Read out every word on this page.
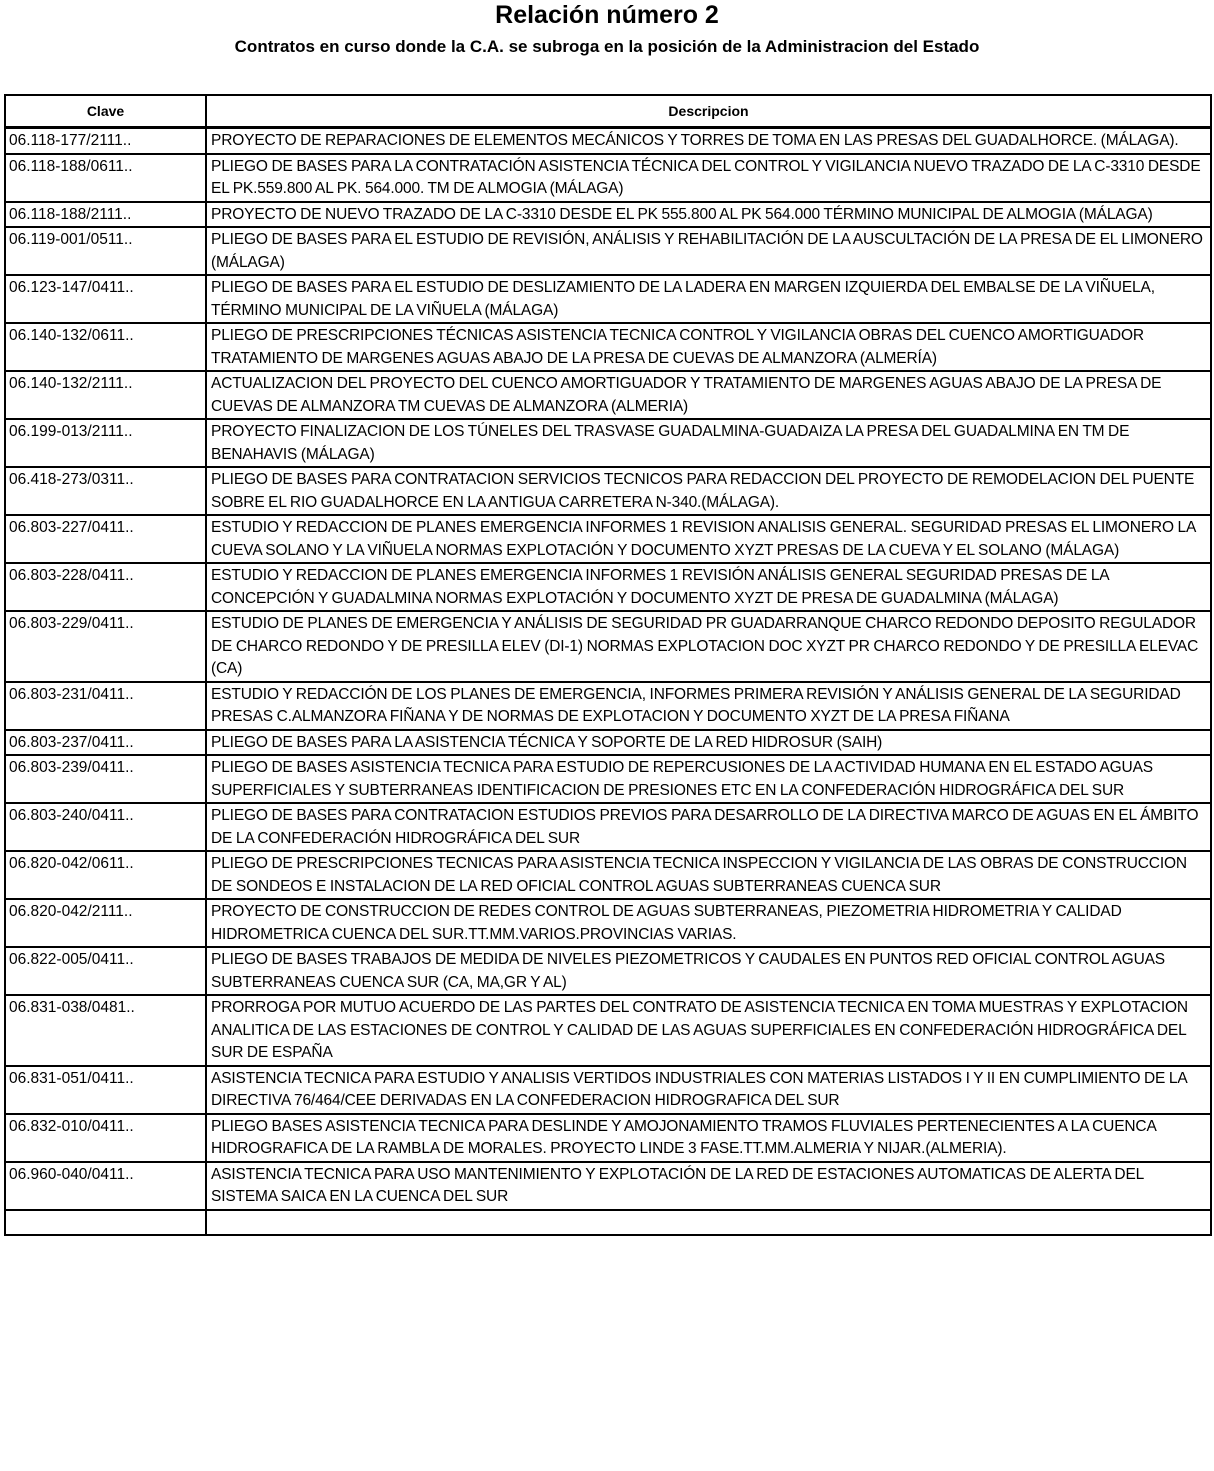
Relación número 2
Contratos en curso donde la C.A. se subroga en la posición de la Administracion del Estado
Clave	Descripcion
06.118-177/2111..	PROYECTO DE REPARACIONES DE ELEMENTOS MECÁNICOS Y TORRES DE TOMA EN LAS PRESAS DEL GUADALHORCE. (MÁLAGA).
06.118-188/0611..	PLIEGO DE BASES PARA LA CONTRATACIÓN ASISTENCIA TÉCNICA DEL CONTROL Y VIGILANCIA NUEVO TRAZADO DE LA C-3310 DESDE EL PK.559.800 AL PK. 564.000. TM DE ALMOGIA (MÁLAGA)
06.118-188/2111..	PROYECTO DE NUEVO TRAZADO DE LA C-3310 DESDE EL PK 555.800 AL PK 564.000 TÉRMINO MUNICIPAL DE ALMOGIA (MÁLAGA)
06.119-001/0511..	PLIEGO DE BASES PARA EL ESTUDIO DE REVISIÓN, ANÁLISIS Y REHABILITACIÓN DE LA AUSCULTACIÓN DE LA PRESA DE EL LIMONERO (MÁLAGA)
06.123-147/0411..	PLIEGO DE BASES PARA EL ESTUDIO DE DESLIZAMIENTO DE LA LADERA EN MARGEN IZQUIERDA DEL EMBALSE DE LA VIÑUELA, TÉRMINO MUNICIPAL DE LA VIÑUELA (MÁLAGA)
06.140-132/0611..	PLIEGO DE PRESCRIPCIONES TÉCNICAS ASISTENCIA TECNICA CONTROL Y VIGILANCIA OBRAS DEL CUENCO AMORTIGUADOR TRATAMIENTO DE MARGENES AGUAS ABAJO DE LA PRESA DE CUEVAS DE ALMANZORA (ALMERÍA)
06.140-132/2111..	ACTUALIZACION DEL PROYECTO DEL CUENCO AMORTIGUADOR Y TRATAMIENTO DE MARGENES AGUAS ABAJO DE LA PRESA DE CUEVAS DE ALMANZORA TM CUEVAS DE ALMANZORA (ALMERIA)
06.199-013/2111..	PROYECTO FINALIZACION DE LOS TÚNELES DEL TRASVASE GUADALMINA-GUADAIZA LA PRESA DEL GUADALMINA EN TM DE BENAHAVIS (MÁLAGA)
06.418-273/0311..	PLIEGO DE BASES PARA CONTRATACION SERVICIOS TECNICOS PARA REDACCION DEL PROYECTO DE REMODELACION DEL PUENTE SOBRE EL RIO GUADALHORCE EN LA ANTIGUA CARRETERA N-340.(MÁLAGA).
06.803-227/0411..	ESTUDIO Y REDACCION DE PLANES EMERGENCIA INFORMES 1 REVISION ANALISIS GENERAL. SEGURIDAD PRESAS EL LIMONERO LA CUEVA SOLANO Y LA VIÑUELA NORMAS EXPLOTACIÓN Y DOCUMENTO XYZT PRESAS DE LA CUEVA Y EL SOLANO (MÁLAGA)
06.803-228/0411..	ESTUDIO Y REDACCION DE PLANES EMERGENCIA INFORMES 1 REVISIÓN ANÁLISIS GENERAL SEGURIDAD PRESAS DE LA CONCEPCIÓN Y GUADALMINA NORMAS EXPLOTACIÓN Y DOCUMENTO XYZT DE PRESA DE GUADALMINA (MÁLAGA)
06.803-229/0411..	ESTUDIO DE PLANES DE EMERGENCIA Y ANÁLISIS DE SEGURIDAD PR GUADARRANQUE CHARCO REDONDO DEPOSITO REGULADOR DE CHARCO REDONDO Y DE PRESILLA ELEV (DI-1) NORMAS EXPLOTACION DOC XYZT PR CHARCO REDONDO Y DE PRESILLA ELEVAC (CA)
06.803-231/0411..	ESTUDIO Y REDACCIÓN DE LOS PLANES DE EMERGENCIA, INFORMES PRIMERA REVISIÓN Y ANÁLISIS GENERAL DE LA SEGURIDAD PRESAS C.ALMANZORA FIÑANA Y DE NORMAS DE EXPLOTACION Y DOCUMENTO XYZT DE LA PRESA FIÑANA
06.803-237/0411..	PLIEGO DE BASES PARA LA ASISTENCIA TÉCNICA Y SOPORTE DE LA RED HIDROSUR (SAIH)
06.803-239/0411..	PLIEGO DE BASES ASISTENCIA TECNICA PARA ESTUDIO DE REPERCUSIONES DE LA ACTIVIDAD HUMANA EN EL ESTADO AGUAS SUPERFICIALES Y SUBTERRANEAS IDENTIFICACION DE PRESIONES ETC EN LA CONFEDERACIÓN HIDROGRÁFICA DEL SUR
06.803-240/0411..	PLIEGO DE BASES PARA CONTRATACION ESTUDIOS PREVIOS PARA DESARROLLO DE LA DIRECTIVA MARCO DE AGUAS EN EL ÁMBITO DE LA CONFEDERACIÓN HIDROGRÁFICA DEL SUR
06.820-042/0611..	PLIEGO DE PRESCRIPCIONES TECNICAS PARA ASISTENCIA TECNICA INSPECCION Y VIGILANCIA DE LAS OBRAS DE CONSTRUCCION DE SONDEOS E INSTALACION DE LA RED OFICIAL CONTROL AGUAS SUBTERRANEAS CUENCA SUR
06.820-042/2111..	PROYECTO DE CONSTRUCCION DE REDES CONTROL DE AGUAS SUBTERRANEAS, PIEZOMETRIA HIDROMETRIA Y CALIDAD HIDROMETRICA CUENCA DEL SUR.TT.MM.VARIOS.PROVINCIAS VARIAS.
06.822-005/0411..	PLIEGO DE BASES TRABAJOS DE MEDIDA DE NIVELES PIEZOMETRICOS Y CAUDALES EN PUNTOS RED OFICIAL CONTROL AGUAS SUBTERRANEAS CUENCA SUR (CA, MA,GR Y AL)
06.831-038/0481..	PRORROGA POR MUTUO ACUERDO DE LAS PARTES DEL CONTRATO DE ASISTENCIA TECNICA EN TOMA MUESTRAS Y EXPLOTACION ANALITICA DE LAS ESTACIONES DE CONTROL Y CALIDAD DE LAS AGUAS SUPERFICIALES EN CONFEDERACIÓN HIDROGRÁFICA DEL SUR DE ESPAÑA
06.831-051/0411..	ASISTENCIA TECNICA PARA ESTUDIO Y ANALISIS VERTIDOS INDUSTRIALES CON MATERIAS LISTADOS I Y II EN CUMPLIMIENTO DE LA DIRECTIVA 76/464/CEE DERIVADAS EN LA CONFEDERACION HIDROGRAFICA DEL SUR
06.832-010/0411..	PLIEGO BASES ASISTENCIA TECNICA PARA DESLINDE Y AMOJONAMIENTO TRAMOS FLUVIALES PERTENECIENTES A LA CUENCA HIDROGRAFICA DE LA RAMBLA DE MORALES. PROYECTO LINDE 3 FASE.TT.MM.ALMERIA Y NIJAR.(ALMERIA).
06.960-040/0411..	ASISTENCIA TECNICA PARA USO MANTENIMIENTO Y EXPLOTACIÓN DE LA RED DE ESTACIONES AUTOMATICAS DE ALERTA DEL SISTEMA SAICA EN LA CUENCA DEL SUR
